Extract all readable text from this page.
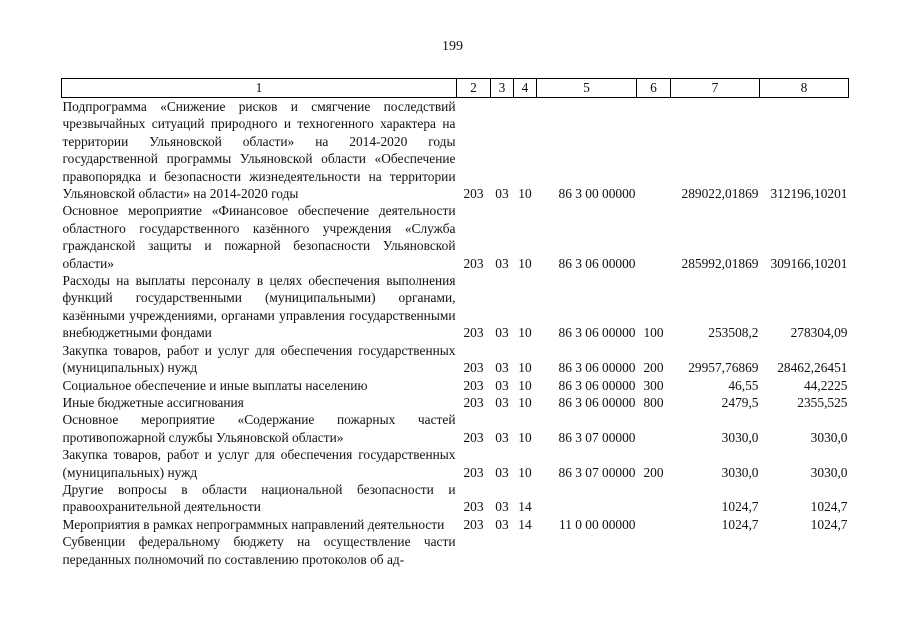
199
1	2	3	4	5	6	7	8
Подпрограмма «Снижение рисков и смягчение последствий чрезвычайных ситуаций природного и техногенного характера на территории Ульяновской области» на 2014-2020 годы государственной программы Ульяновской области «Обеспечение правопорядка и безопасности жизнедеятельности на территории Ульяновской области» на 2014-2020 годы	203	03	10	86 3 00 00000		289022,01869	312196,10201
Основное мероприятие «Финансовое обеспечение деятельности областного государственного казённого учреждения «Служба гражданской защиты и пожарной безопасности Ульяновской области»	203	03	10	86 3 06 00000		285992,01869	309166,10201
Расходы на выплаты персоналу в целях обеспечения выполнения функций государственными (муниципальными) органами, казёнными учреждениями, органами управления государственными внебюджетными фондами	203	03	10	86 3 06 00000	100	253508,2	278304,09
Закупка товаров, работ и услуг для обеспечения государственных (муниципальных) нужд	203	03	10	86 3 06 00000	200	29957,76869	28462,26451
Социальное обеспечение и иные выплаты населению	203	03	10	86 3 06 00000	300	46,55	44,2225
Иные бюджетные ассигнования	203	03	10	86 3 06 00000	800	2479,5	2355,525
Основное мероприятие «Содержание пожарных частей противопожарной службы Ульяновской области»	203	03	10	86 3 07 00000		3030,0	3030,0
Закупка товаров, работ и услуг для обеспечения государственных (муниципальных) нужд	203	03	10	86 3 07 00000	200	3030,0	3030,0
Другие вопросы в области национальной безопасности и правоохранительной деятельности	203	03	14			1024,7	1024,7
Мероприятия в рамках непрограммных направлений деятельности	203	03	14	11 0 00 00000		1024,7	1024,7
Субвенции федеральному бюджету на осуществление части переданных полномочий по составлению протоколов об ад-							
